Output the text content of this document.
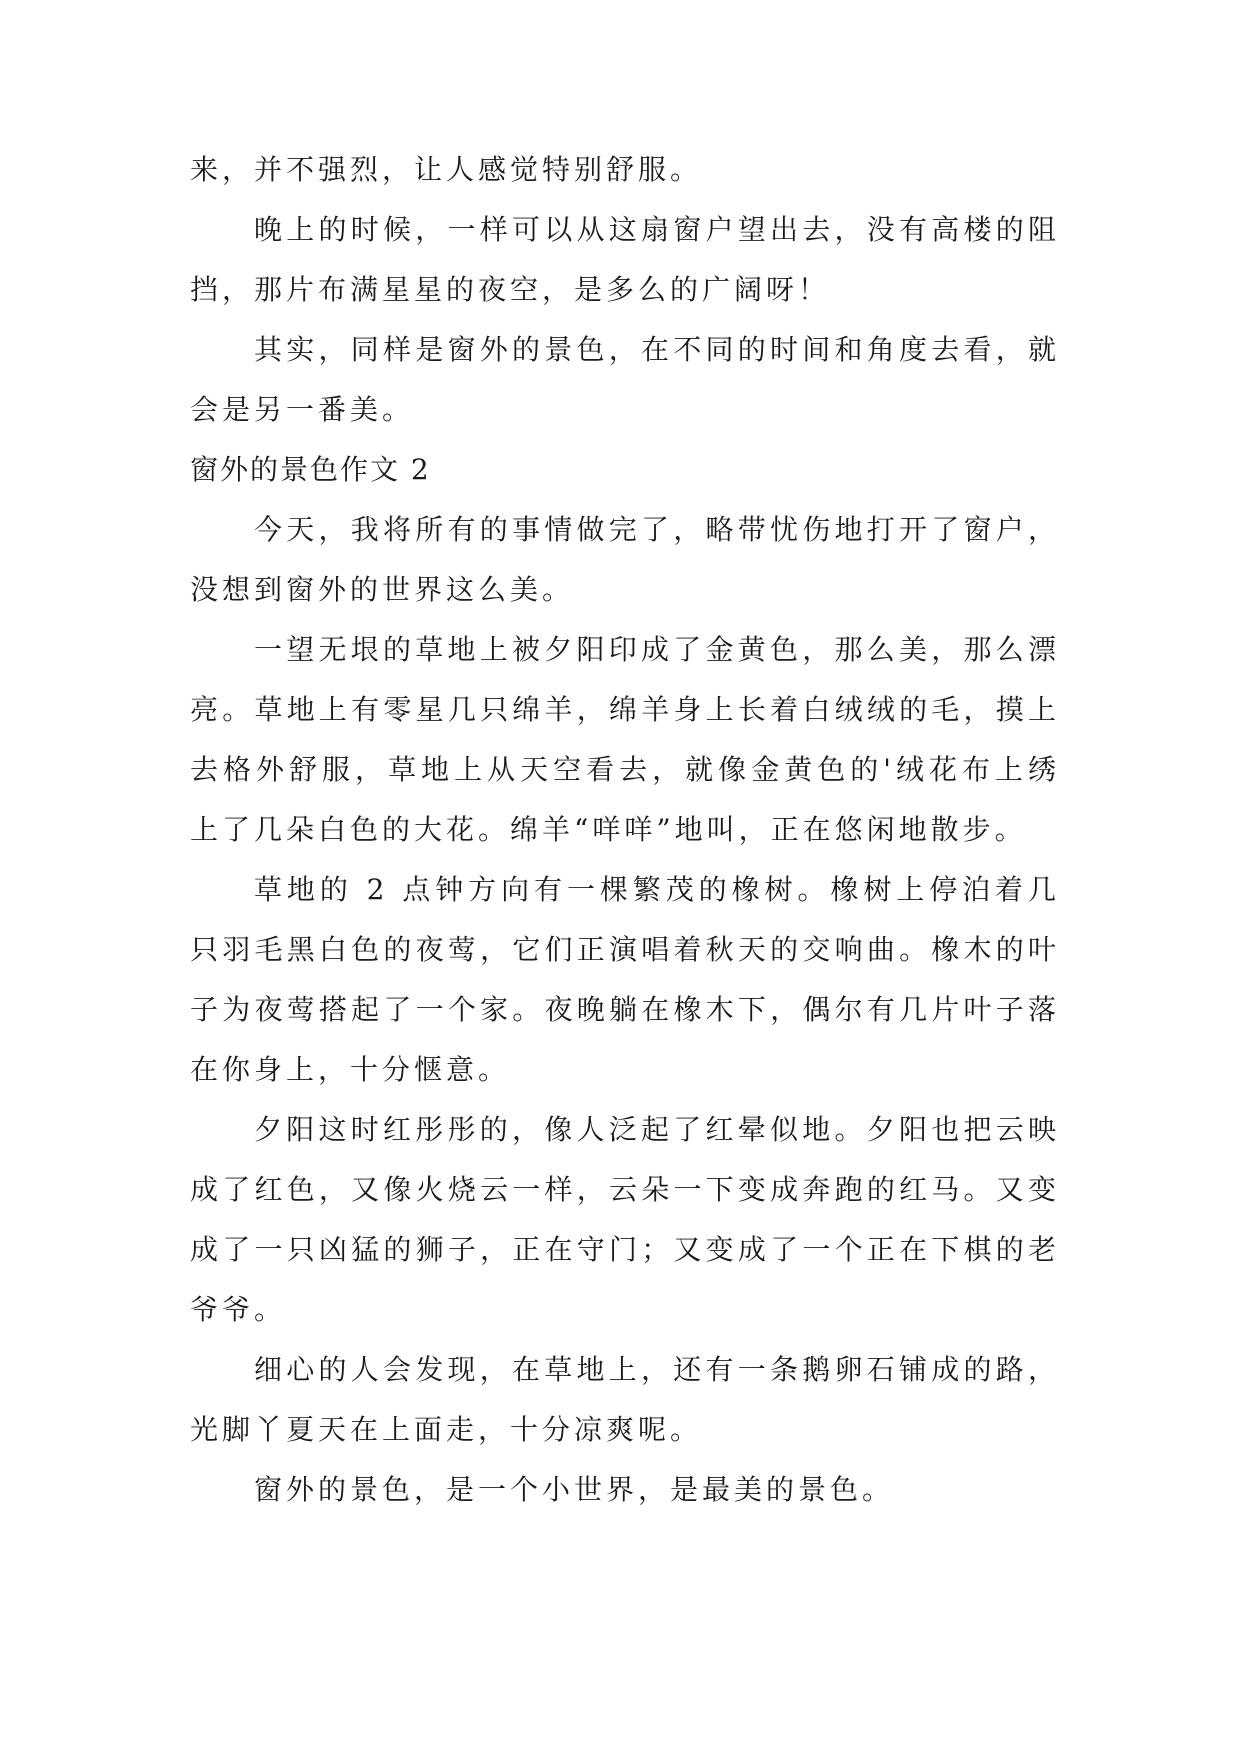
来，并不强烈，让人感觉特别舒服。

晚上的时候，一样可以从这扇窗户望出去，没有高楼的阻挡，那片布满星星的夜空，是多么的广阔呀！

其实，同样是窗外的景色，在不同的时间和角度去看，就会是另一番美。

窗外的景色作文 2

今天，我将所有的事情做完了，略带忧伤地打开了窗户，没想到窗外的世界这么美。

一望无垠的草地上被夕阳印成了金黄色，那么美，那么漂亮。草地上有零星几只绵羊，绵羊身上长着白绒绒的毛，摸上去格外舒服，草地上从天空看去，就像金黄色的'绒花布上绣上了几朵白色的大花。绵羊“咩咩”地叫，正在悠闲地散步。

草地的 2 点钟方向有一棵繁茂的橡树。橡树上停泊着几只羽毛黑白色的夜莺，它们正演唱着秋天的交响曲。橡木的叶子为夜莺搭起了一个家。夜晚躺在橡木下，偶尔有几片叶子落在你身上，十分惬意。

夕阳这时红彤彤的，像人泛起了红晕似地。夕阳也把云映成了红色，又像火烧云一样，云朵一下变成奔跑的红马。又变成了一只凶猛的狮子，正在守门；又变成了一个正在下棋的老爷爷。

细心的人会发现，在草地上，还有一条鹅卵石铺成的路，光脚丫夏天在上面走，十分凉爽呢。

窗外的景色，是一个小世界，是最美的景色。
